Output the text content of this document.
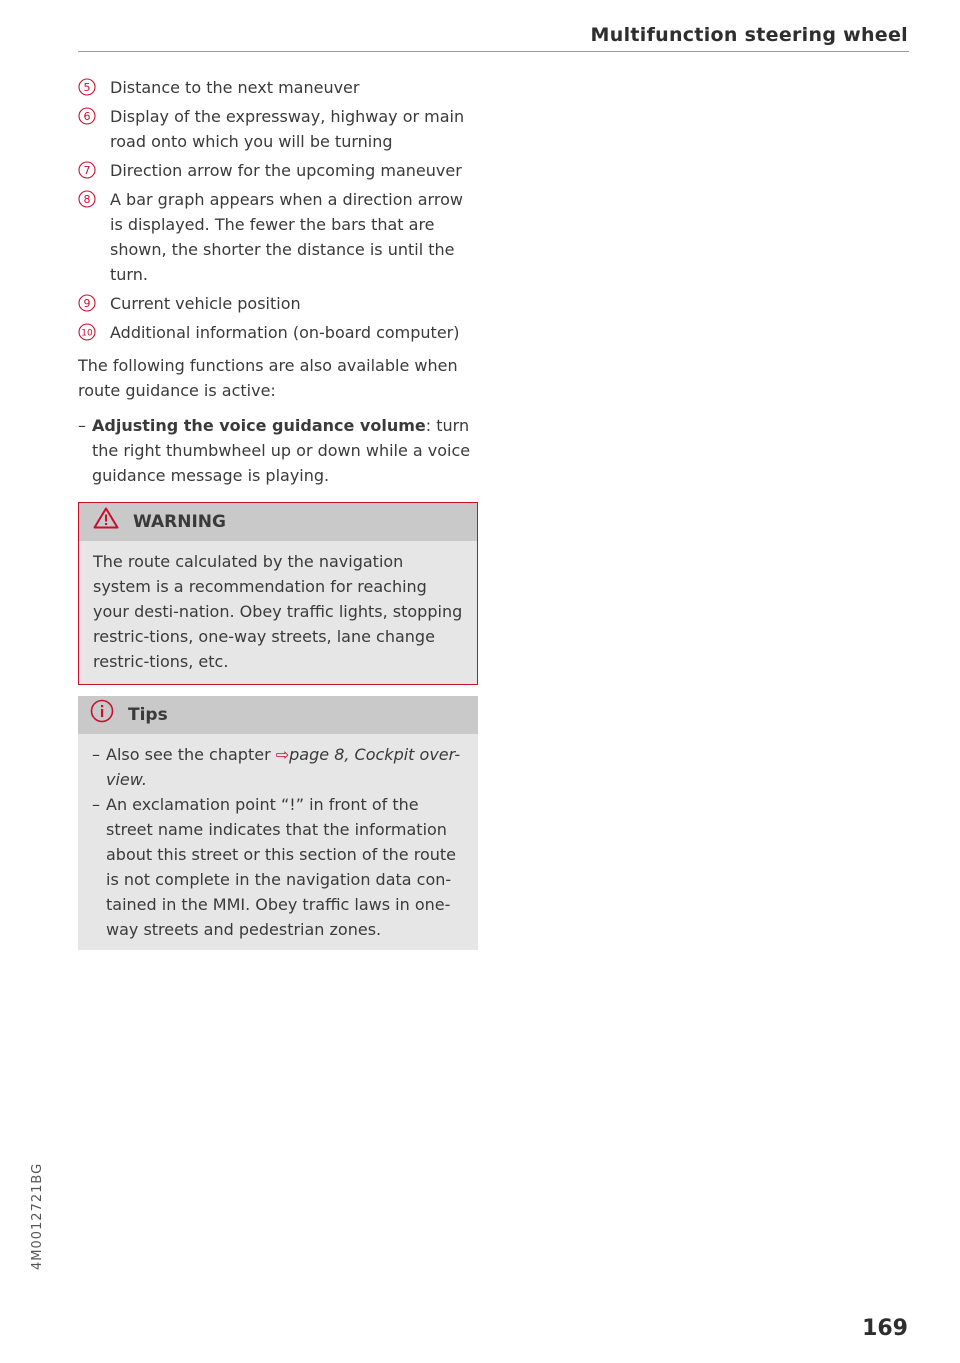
Multifunction steering wheel
5 Distance to the next maneuver
6 Display of the expressway, highway or main road onto which you will be turning
7 Direction arrow for the upcoming maneuver
8 A bar graph appears when a direction arrow is displayed. The fewer the bars that are shown, the shorter the distance is until the turn.
9 Current vehicle position
10 Additional information (on-board computer)

The following functions are also available when route guidance is active:

– Adjusting the voice guidance volume: turn the right thumbwheel up or down while a voice guidance message is playing.
WARNING
The route calculated by the navigation system is a recommendation for reaching your desti-nation. Obey traffic lights, stopping restric-tions, one-way streets, lane change restric-tions, etc.
Tips
– Also see the chapter ⇨page 8, Cockpit over-view.
– An exclamation point “!” in front of the street name indicates that the information about this street or this section of the route is not complete in the navigation data con-tained in the MMI. Obey traffic laws in one-way streets and pedestrian zones.
4M0012721BG
169
